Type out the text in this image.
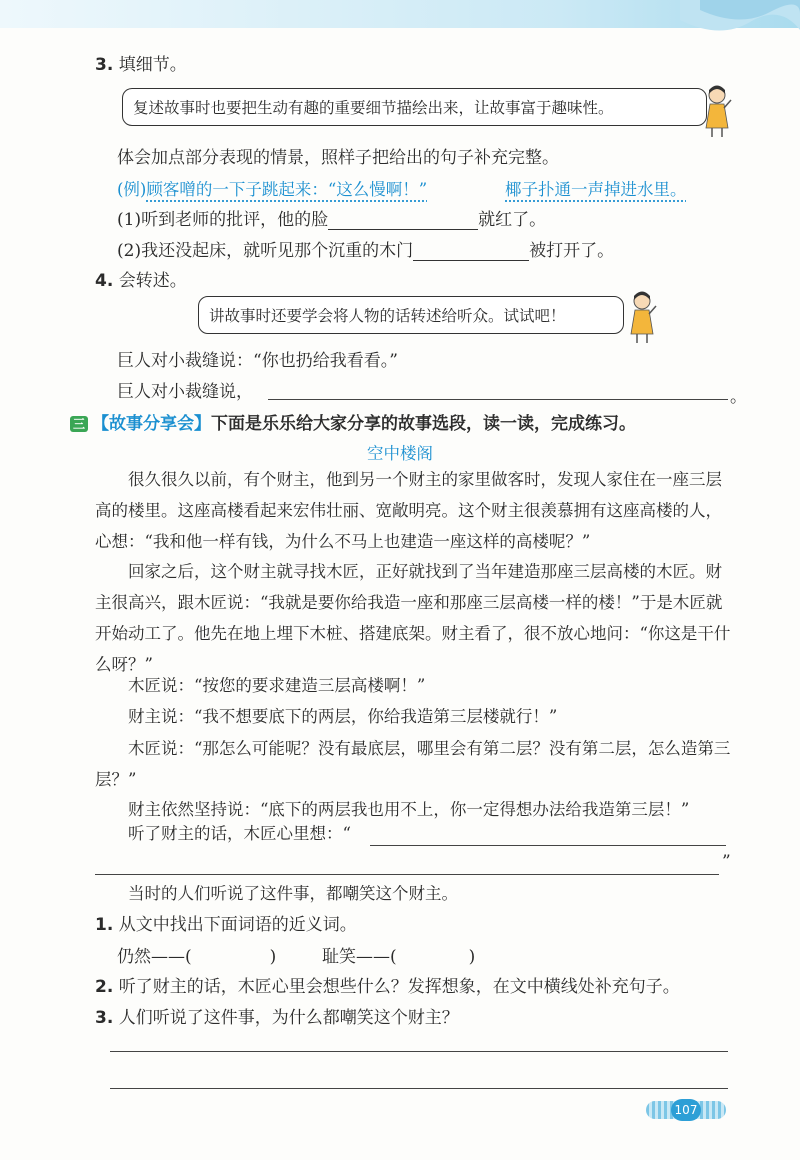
3. 填细节。
复述故事时也要把生动有趣的重要细节描绘出来，让故事富于趣味性。
体会加点部分表现的情景，照样子把给出的句子补充完整。
(例)顾客噌的一下子跳起来：“这么慢啊！”	椰子扑通一声掉进水里。
(1)听到老师的批评，他的脸	就红了。
(2)我还没起床，就听见那个沉重的木门	被打开了。
4. 会转述。
讲故事时还要学会将人物的话转述给听众。试试吧！
巨人对小裁缝说：“你也扔给我看看。”
巨人对小裁缝说，	。
三 【故事分享会】下面是乐乐给大家分享的故事选段，读一读，完成练习。
空中楼阁

很久很久以前，有个财主，他到另一个财主的家里做客时，发现人家住在一座三层高的楼里。这座高楼看起来宏伟壮丽、宽敞明亮。这个财主很羡慕拥有这座高楼的人，心想：“我和他一样有钱，为什么不马上也建造一座这样的高楼呢？”

回家之后，这个财主就寻找木匠，正好就找到了当年建造那座三层高楼的木匠。财主很高兴，跟木匠说：“我就是要你给我造一座和那座三层高楼一样的楼！”于是木匠就开始动工了。他先在地上埋下木桩、搭建底架。财主看了，很不放心地问：“你这是干什么呀？”

木匠说：“按您的要求建造三层高楼啊！”

财主说：“我不想要底下的两层，你给我造第三层楼就行！”

木匠说：“那怎么可能呢？没有最底层，哪里会有第二层？没有第二层，怎么造第三层？”

财主依然坚持说：“底下的两层我也用不上，你一定得想办法给我造第三层！”

听了财主的话，木匠心里想：“

”

当时的人们听说了这件事，都嘲笑这个财主。

1. 从文中找出下面词语的近义词。
仍然——(	)	耻笑——(	)
2. 听了财主的话，木匠心里会想些什么？发挥想象，在文中横线处补充句子。
3. 人们听说了这件事，为什么都嘲笑这个财主？
107
